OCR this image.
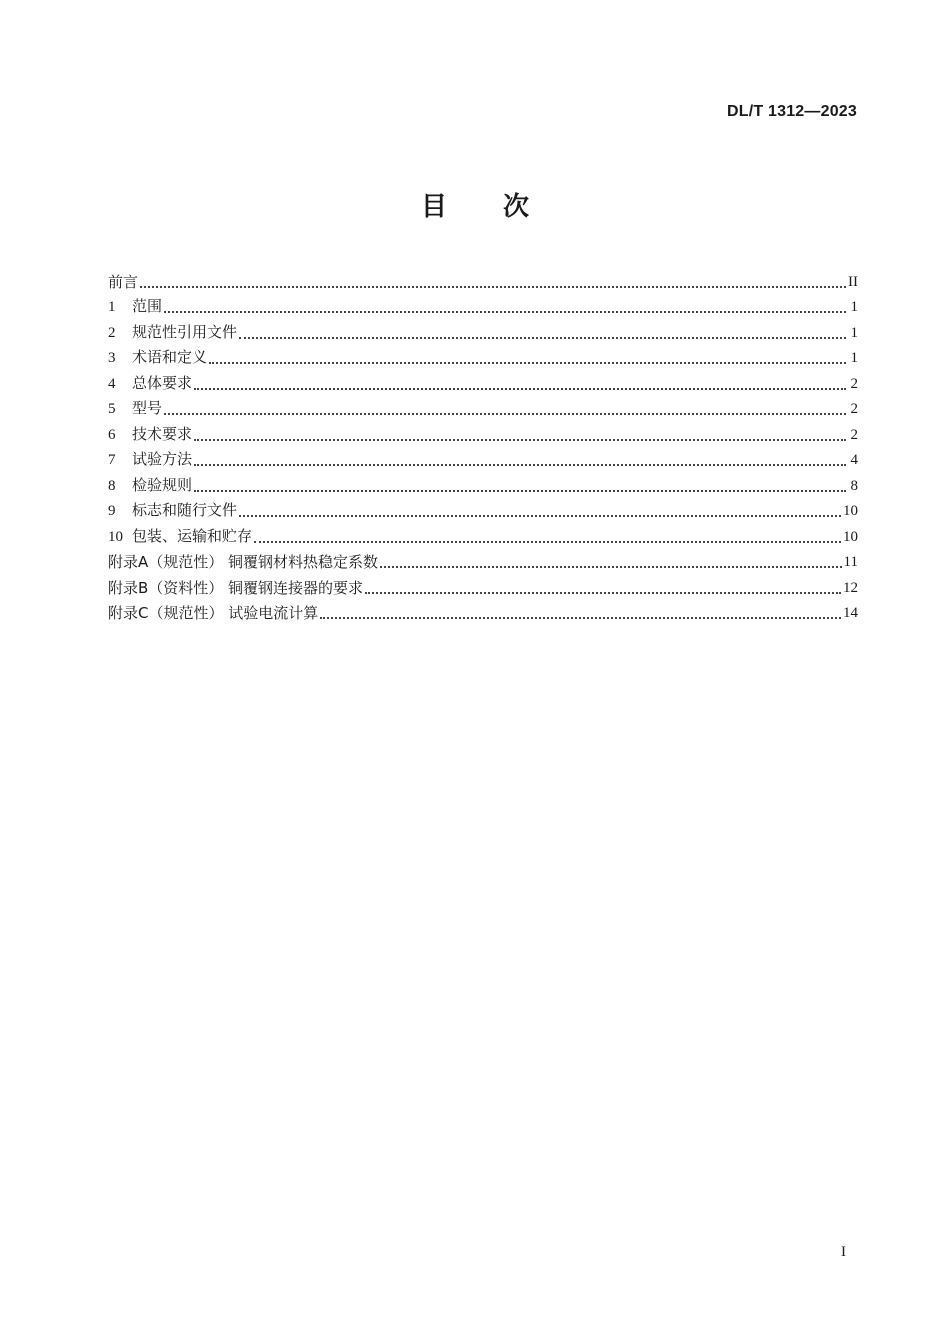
DL/T 1312—2023
目次
前言	II
1 范围	1
2 规范性引用文件	1
3 术语和定义	1
4 总体要求	2
5 型号	2
6 技术要求	2
7 试验方法	4
8 检验规则	8
9 标志和随行文件	10
10 包装、运输和贮存	10
附录A（规范性） 铜覆钢材料热稳定系数	11
附录B（资料性） 铜覆钢连接器的要求	12
附录C（规范性） 试验电流计算	14
I
